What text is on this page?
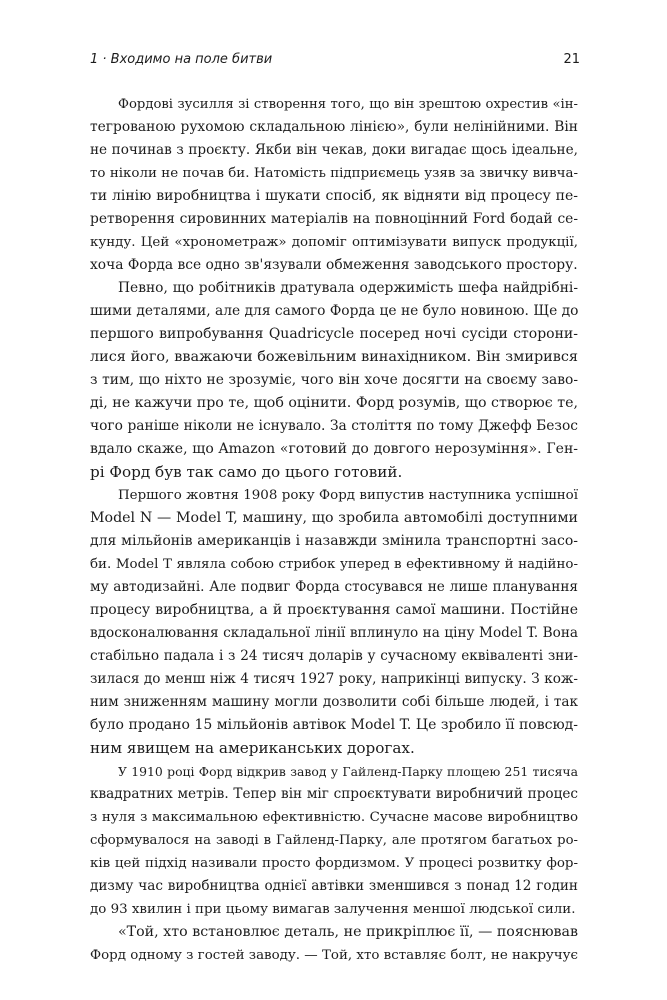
1 · Входимо на поле битви	21
Фордові зусилля зі створення того, що він зрештою охрестив «ін-
тегрованою рухомою складальною лінією», були нелінійними. Він
не починав з проєкту. Якби він чекав, доки вигадає щось ідеальне,
то ніколи не почав би. Натомість підприємець узяв за звичку вивча-
ти лінію виробництва і шукати спосіб, як відняти від процесу пе-
ретворення сировинних матеріалів на повноцінний Ford бодай се-
кунду. Цей «хронометраж» допоміг оптимізувати випуск продукції,
хоча Форда все одно зв'язували обмеження заводського простору.
Певно, що робітників дратувала одержимість шефа найдрібні-
шими деталями, але для самого Форда це не було новиною. Ще до
першого випробування Quadricycle посеред ночі сусіди сторони-
лися його, вважаючи божевільним винахідником. Він змирився
з тим, що ніхто не зрозуміє, чого він хоче досягти на своєму заво-
ді, не кажучи про те, щоб оцінити. Форд розумів, що створює те,
чого раніше ніколи не існувало. За століття по тому Джефф Безос
вдало скаже, що Amazon «готовий до довгого нерозуміння». Ген-
рі Форд був так само до цього готовий.
Першого жовтня 1908 року Форд випустив наступника успішної
Model N — Model T, машину, що зробила автомобілі доступними
для мільйонів американців і назавжди змінила транспортні засо-
би. Model T являла собою стрибок уперед в ефективному й надійно-
му автодизайні. Але подвиг Форда стосувався не лише планування
процесу виробництва, а й проєктування самої машини. Постійне
вдосконалювання складальної лінії вплинуло на ціну Model T. Вона
стабільно падала і з 24 тисяч доларів у сучасному еквіваленті зни-
зилася до менш ніж 4 тисяч 1927 року, наприкінці випуску. З кож-
ним зниженням машину могли дозволити собі більше людей, і так
було продано 15 мільйонів автівок Model T. Це зробило її повсюд-
ним явищем на американських дорогах.
У 1910 році Форд відкрив завод у Гайленд-Парку площею 251 тисяча
квадратних метрів. Тепер він міг спроєктувати виробничий процес
з нуля з максимальною ефективністю. Сучасне масове виробництво
сформувалося на заводі в Гайленд-Парку, але протягом багатьох ро-
ків цей підхід називали просто фордизмом. У процесі розвитку фор-
дизму час виробництва однієї автівки зменшився з понад 12 годин
до 93 хвилин і при цьому вимагав залучення меншої людської сили.
«Той, хто встановлює деталь, не прикріплює її, — пояснював
Форд одному з гостей заводу. — Той, хто вставляє болт, не накручує
